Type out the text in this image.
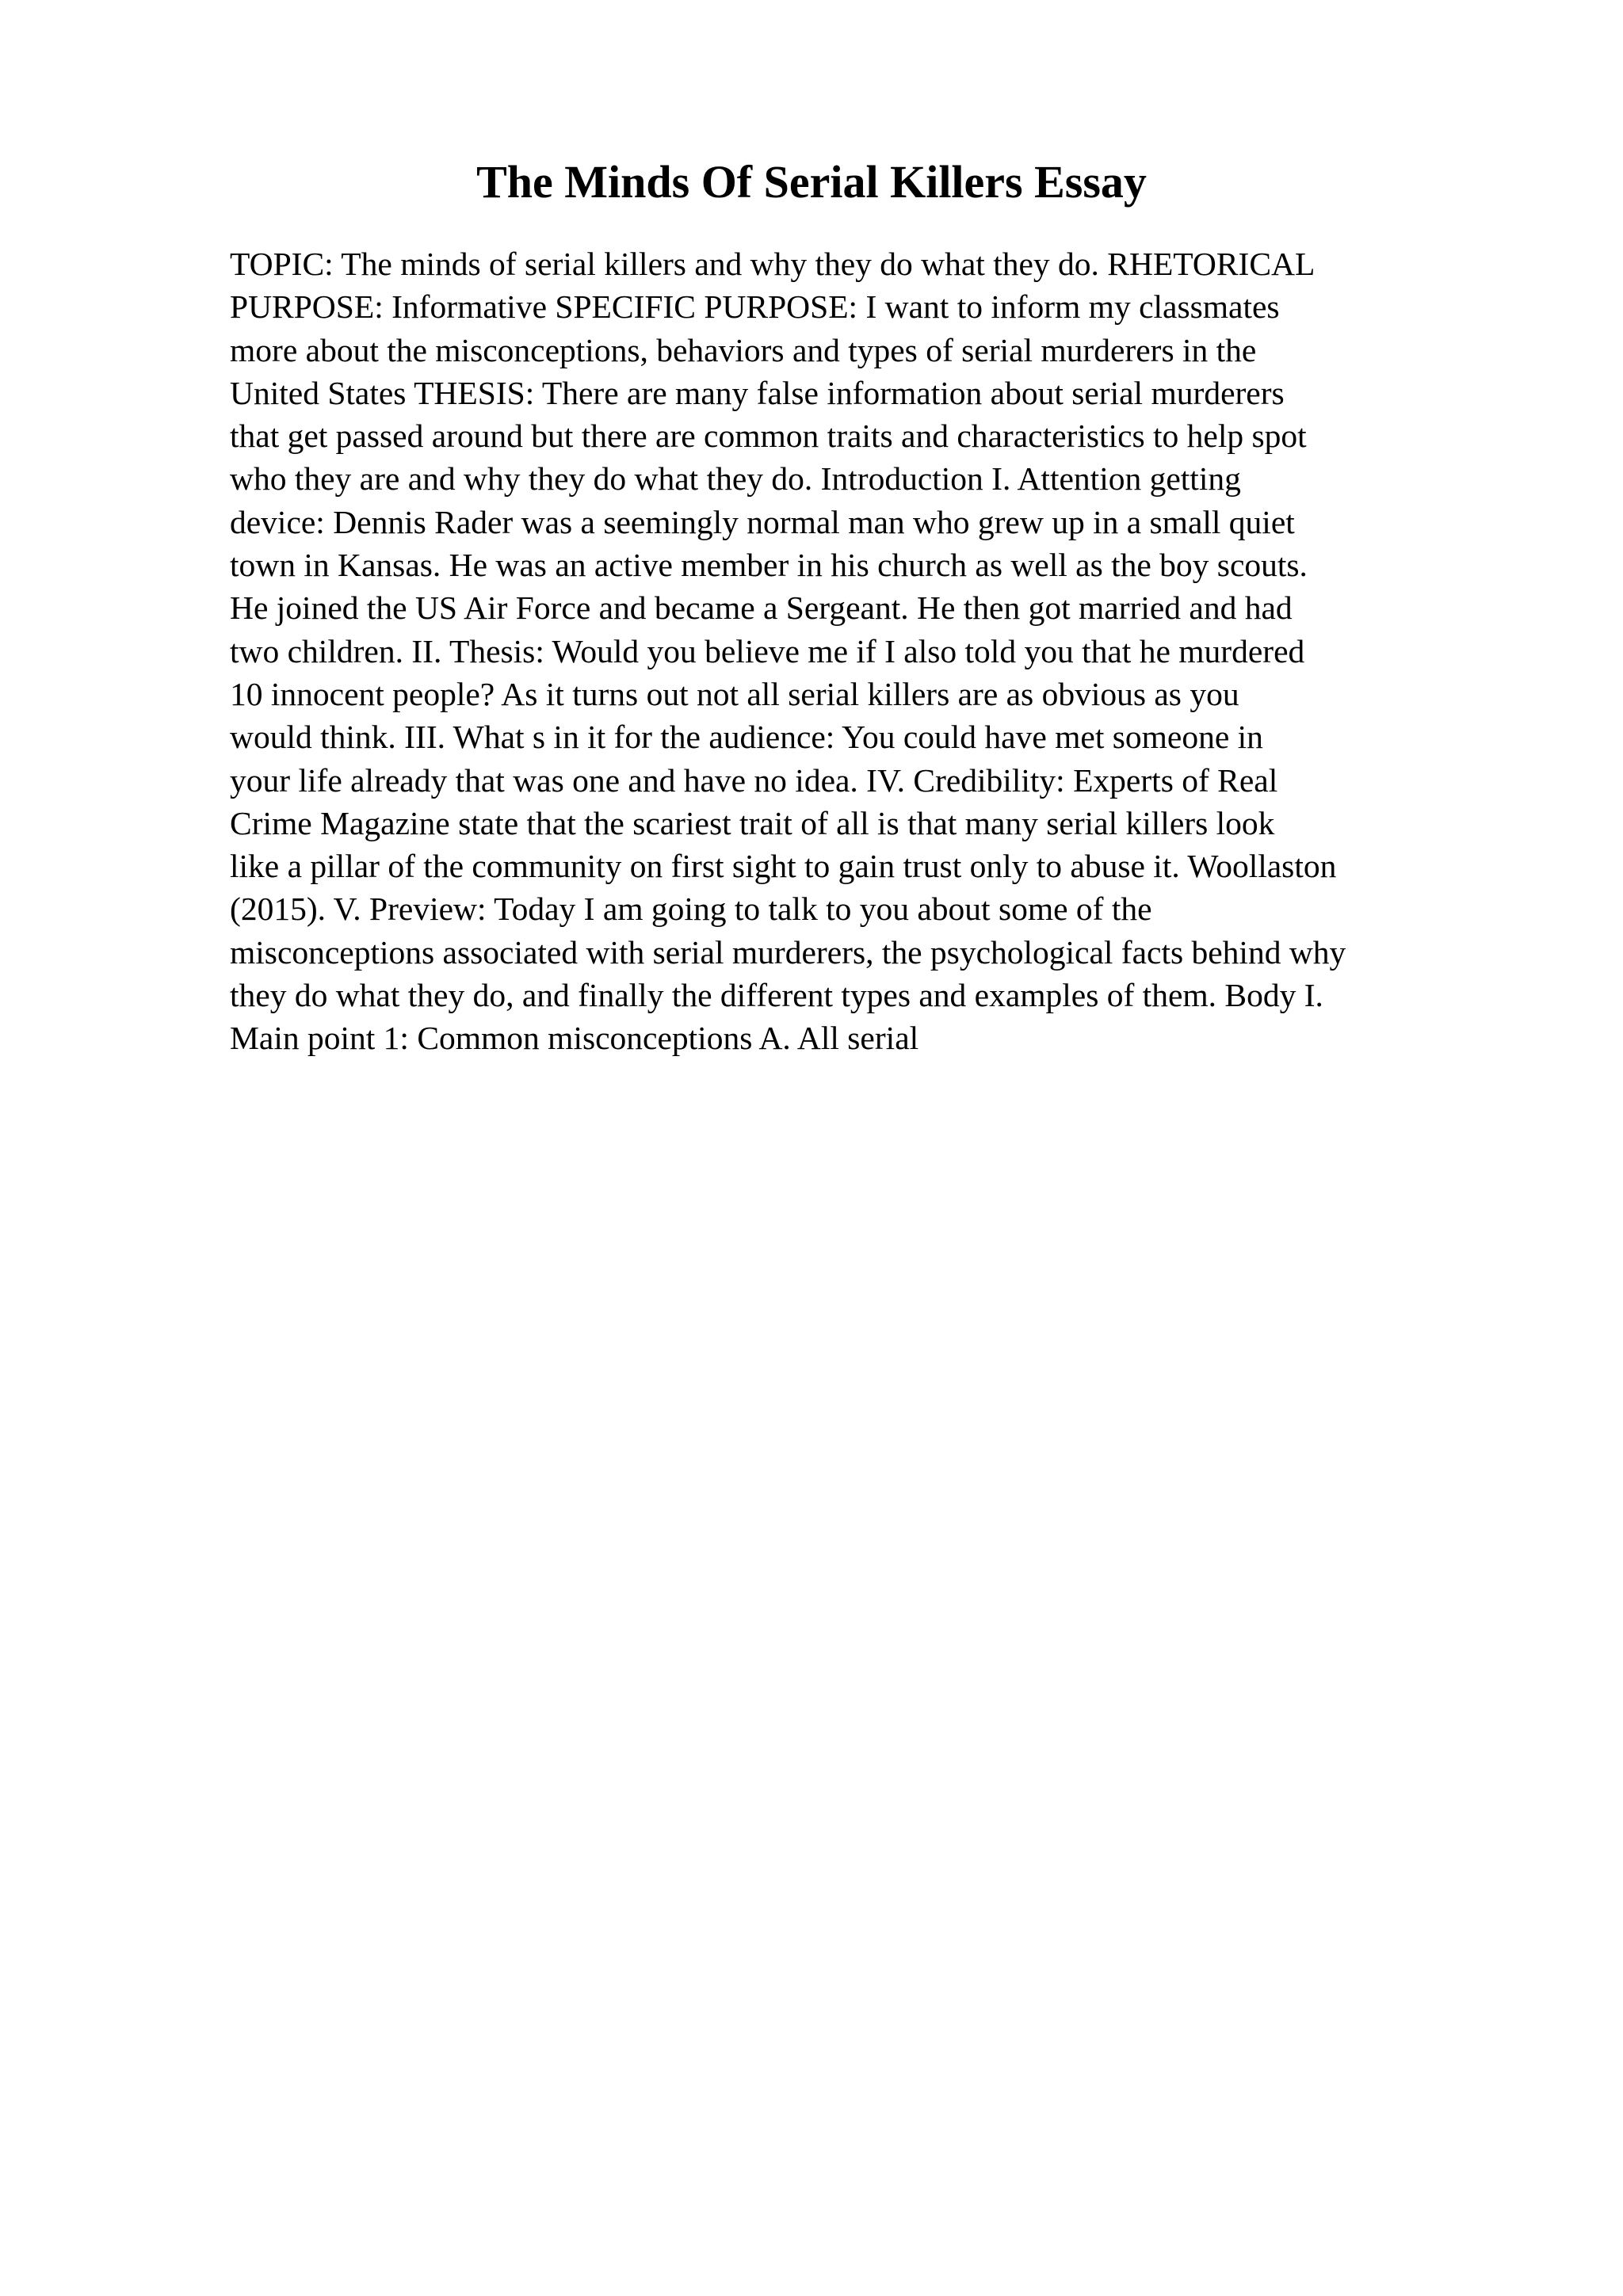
The Minds Of Serial Killers Essay
TOPIC: The minds of serial killers and why they do what they do. RHETORICAL
PURPOSE: Informative SPECIFIC PURPOSE: I want to inform my classmates
more about the misconceptions, behaviors and types of serial murderers in the
United States THESIS: There are many false information about serial murderers
that get passed around but there are common traits and characteristics to help spot
who they are and why they do what they do. Introduction I. Attention getting
device: Dennis Rader was a seemingly normal man who grew up in a small quiet
town in Kansas. He was an active member in his church as well as the boy scouts.
He joined the US Air Force and became a Sergeant. He then got married and had
two children. II. Thesis: Would you believe me if I also told you that he murdered
10 innocent people? As it turns out not all serial killers are as obvious as you
would think. III. What s in it for the audience: You could have met someone in
your life already that was one and have no idea. IV. Credibility: Experts of Real
Crime Magazine state that the scariest trait of all is that many serial killers look
like a pillar of the community on first sight to gain trust only to abuse it. Woollaston
(2015). V. Preview: Today I am going to talk to you about some of the
misconceptions associated with serial murderers, the psychological facts behind why
they do what they do, and finally the different types and examples of them. Body I.
Main point 1: Common misconceptions A. All serial
